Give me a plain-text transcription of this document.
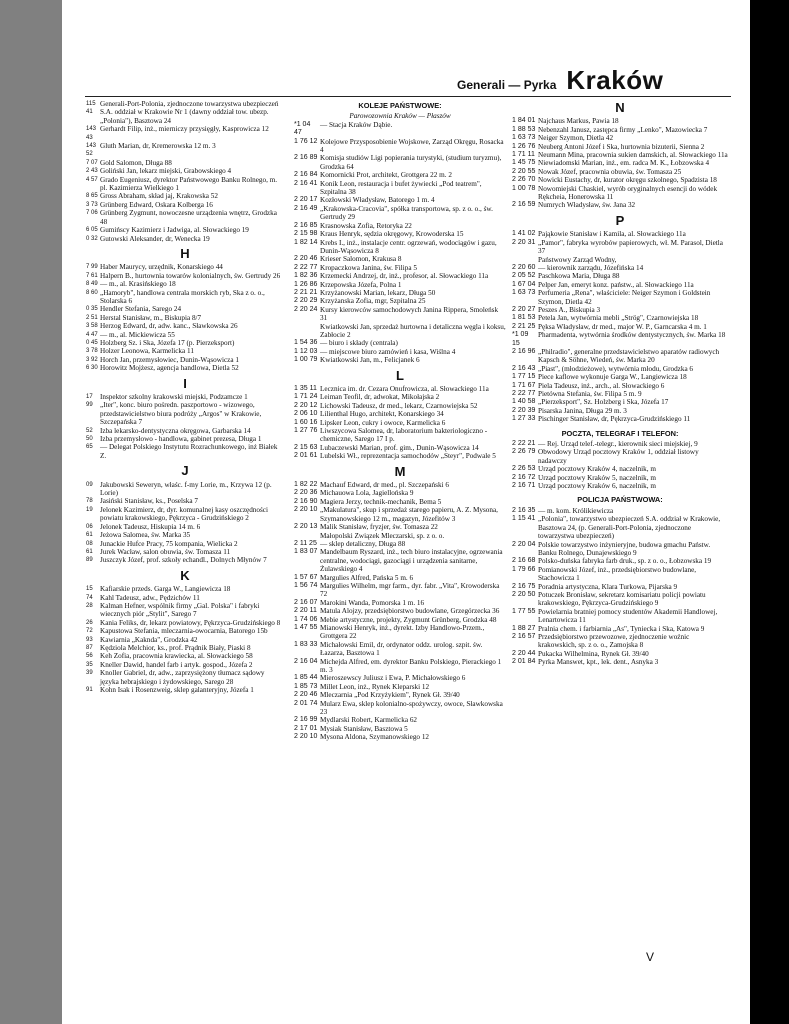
Generali — Pyrka Kraków
115 41
Generali-Port-Polonia, zjednoczone towarzystwa ubezpieczeń S.A. oddział w Krakowie Nr 1 (dawny oddział tow. ubezp. „Polonia"), Basztowa 24
143 43
Gerhardt Filip, inż., mierniczy przysięgły, Kasprowicza 12
143 52
Gluth Marian, dr, Kremerowska 12 m. 3
7 07 Gold Salomon, Długa 88
2 43 Goliński Jan, lekarz miejski, Grabowskiego 4
4 57 Grado Eugeniusz, dyrektor Państwowego Banku Rolnego, m. pl. Kazimierza Wielkiego 1
8 65 Gross Abraham, skład jaj, Krakowska 52
3 73 Grünberg Edward, Oskara Kolberga 16
7 06 Grünberg Zygmunt, nowoczesne urządzenia wnętrz, Grodzka 48
6 05 Gumińscy Kazimierz i Jadwiga, al. Słowackiego 19
0 32 Gutowski Aleksander, dr, Wenecka 19
H
7 99 Haber Maurycy, urzędnik, Konarskiego 44
7 61 Halpern B., hurtownia towarów kolonialnych, św. Gertrudy 26
8 49 — m., al. Krasińskiego 18
8 60 „Hamoryb", handlowa centrala morskich ryb, Ska z o. o., Stolarska 6
0 35 Hendler Stefania, Sarego 24
2 51 Herstal Stanisław, m., Biskupia 8/7
3 58 Herzog Edward, dr, adw. kanc., Sławkowska 26
4 47 — m., al. Mickiewicza 55
0 45 Holzberg Sz. i Ska, Józefa 17 (p. Pierzeksport)
3 78 Holzer Leonowa, Karmelicka 11
3 92 Horch Jan, przemysłowiec, Dunin-Wąsowicza 1
6 30 Horowitz Mojżesz, agencja handlowa, Dietla 52
I
17	Inspektor szkolny krakowski miejski, Podzamcze 1
99	„Iter", konc. biuro pośredn. paszportowo - wizowego, przedstawicielstwo biura podróży „Argos" w Krakowie, Szczepańska 7
52	Izba lekarsko-dentystyczna okręgowa, Garbarska 14
50	Izba przemysłowo - handlowa, gabinet prezesa, Długa 1
65	— Delegat Polskiego Instytutu Rozrachunkowego, inż Białek Z.
J
09	Jakubowski Seweryn, właśc. f-my Lorie, m., Krzywa 12 (p. Lorie)
78	Jasiński Stanisław, ks., Poselska 7
19	Jelonek Kazimierz, dr, dyr. komunalnej kasy oszczędności powiatu krakowskiego, Pękrzyca - Grudzińskiego 2
06	Jelonek Tadeusz, Hiskupia 14 m. 6
61	Jeżowa Salomea, św. Marka 35
08	Junackie Hufce Pracy, 75 kompania, Wielicka 2
61	Jurek Wacław, salon obuwia, św. Tomasza 11
89	Juszczyk Józef, prof. szkoły echandl., Dolnych Młynów 7
K
15	Kafiarskie przeds. Garga W., Langiewicza 18
74	Kahl Tadeusz, adw., Pędzichów 11
28	Kalman Hefner, wspólnik firmy „Gal. Polska" i fabryki wiecznych piór „Stylit", Sarego 7
26	Kania Feliks, dr, lekarz powiatowy, Pękrzyca-Grudzińskiego 8
72	Kapustowa Stefania, mleczarnia-owocarnia, Batorego 15b
93	Kawiarnia „Kaknda", Grodzka 42
87	Kędziola Melchior, ks., prof. Prądnik Biały, Piaski 8
56	Keh Zofia, pracownia krawiecka, al. Słowackiego 58
35	Kneller Dawid, handel farb i artyk. gospod., Józefa 2
39	Knoller Gabriel, dr, adw., zaprzysiężony tłumacz sądowy języka hebrajskiego i żydowskiego, Sarego 28
91	Kohn Isak i Rosenzweig, sklep galanteryjny, Józefa 1
KOLEJE PAŃSTWOWE:
Parowozownia Kraków — Płaszów
*1 04 47
— Stacja Kraków Dąbie.
1 76 12 Kolejowe Przysposobienie Wojskowe, Zarząd Okręgu, Rosacka 4
2 16 89 Komisja studiów Ligi popierania turystyki, (studium turyzmu), Grodzka 64
2 16 84 Komornicki Prot, architekt, Grottgera 22 m. 2
2 16 41 Konik Leon, restauracja i bufet żywiecki „Pod teatrem", Szpitalna 38
2 20 17 Kozłowski Władysław, Batorego 1 m. 4
2 16 49 „Krakowska-Cracovia", spółka transportowa, sp. z o. o., św. Gertrudy 29
2 16 85 Krasnowska Zofia, Retoryka 22
2 15 98 Kraus Henryk, sędzia okręgowy, Krowoderska 15
1 82 14 Krebs I., inż., instalacje centr. ogrzewań, wodociągów i gazu, Dunin-Wąsowicza 8
2 20 46 Krieser Salomon, Krakusa 8
2 22 77 Kropaczkowa Janina, św. Filipa 5
1 82 36 Krzemecki Andrzej, dr, inż., profesor, al. Słowackiego 11a
1 26 86 Krzepowska Józefa, Polna 1
2 21 21 Krzyżanowski Marian, lekarz, Długa 50
2 20 29 Krzyżanska Zofia, mgr, Szpitalna 25
2 20 24 Kursy kierowców samochodowych Janina Rippera, Smoleńsk 31
Kwiatkowski Jan, sprzedaż hurtowna i detaliczna węgla i koksu, Zabłocie 2
1 54 36 — biuro i składy (centrala)
1 12 03 — miejscowe biuro zamówień i kasa, Wiślna 4
1 00 79 Kwiatkowski Jan, m., Felicjanek 6
L
1 35 11 Lecznica im. dr. Cezara Onufrowicza, al. Słowackiego 11a
1 71 24 Leiman Teofil, dr, adwokat, Mikołajska 2
2 20 12 Lichowski Tadeusz, dr med., lekarz, Czarnowiejska 52
2 06 10 Lilienthal Hugo, architekt, Konarskiego 34
1 60 16 Lipsker Leon, cukry i owoce, Karmelicka 6
1 27 76 Liwszycowa Salomea, dr, laboratorium bakteriologiczno - chemiczne, Sarego 17 I p.
2 15 63 Lubaczewski Marian, prof. gim., Dunin-Wąsowicza 14
2 01 61 Lubelski Wł., reprezentacja samochodów „Steyr", Podwale 5
M
1 82 22 Machauf Edward, dr med., pl. Szczepański 6
2 20 36 Michauowa Lola, Jagiellońska 9
2 16 90 Magiera Jerzy, technik-mechanik, Bema 5
2 20 10 „Makulatura", skup i sprzedaż starego papieru, A. Z. Mysona, Szymanowskiego 12 m., magazyn, Józefitów 3
2 20 13 Malik Stanisław, fryzjer, św. Tomasza 22
Małopolski Związek Mleczarski, sp. z o. o.
2 11 25 — sklep detaliczny, Długa 88
1 83 07 Mandelbaum Ryszard, inż., tech biuro instalacyjne, ogrzewania centralne, wodociągi, gazociągi i urządzenia sanitarne, Żulawskiego 4
1 57 67 Margulies Alfred, Pańska 5 m. 6
1 56 74 Margulies Wilhelm, mgr farm., dyr. fabr. „Vita", Krowoderska 72
2 16 07 Marokini Wanda, Pomorska 1 m. 16
2 20 11 Matula Alojzy, przedsiębiorstwo budowlane, Grzegórzecka 36
1 74 06 Mebie artystyczne, projekty, Zygmunt Grünberg, Grodzka 48
1 47 55 Mianowski Henryk, inż., dyrekt. Izby Handlowo-Przem., Grottgera 22
1 83 33 Michałowski Emil, dr, ordynator oddz. urolog. szpit. św. Łazarza, Basztowa 1
2 16 04 Michejda Alfred, em. dyrektor Banku Polskiego, Pierackiego 1 m. 3
1 85 44 Mieroszewscy Juliusz i Ewa, P. Michałowskiego 6
1 85 73 Millet Leon, inż., Rynek Kleparski 12
2 20 46 Mleczarnia „Pod Krzyżykiem", Rynek Gł. 39/40
2 01 74 Mularz Ewa, sklep kolonialno-spożywczy, owoce, Sławkowska 23
2 16 99 Mydlarski Robert, Karmelicka 62
2 17 01 Mysiak Stanisław, Basztowa 5
2 20 10 Mysona Aldona, Szymanowskiego 12
N
1 84 01 Najchaus Markus, Pawia 18
1 88 53 Nebenzahl Janusz, zastępca firmy „Lenko", Mazowiecka 7
1 63 73 Neiger Szymon, Dietla 42
1 26 76 Neuberg Antoni Józef i Ska, hurtownia bizuterii, Sienna 2
1 71 11 Neumann Mina, pracownia sukien damskich, al. Słowackiego 11a
1 45 75 Niewiadomski Marian, inż., em. radca M. K., Łobzowska 4
2 20 55 Nowak Józef, pracownia obuwia, św. Tomasza 25
2 26 70 Nowicki Eustachy, dr, kurator okręgu szkolnego, Spadzista 18
1 00 78 Nowomiejski Chaskiel, wyrób oryginalnych esencji do wódek Rękcheia, Honerowska 11
2 16 59 Numrych Władysław, św. Jana 32
P
1 41 02 Pająkowie Stanisław i Kamila, al. Słowackiego 11a
2 20 31 „Pamor", fabryka wyrobów papierowych, wł. M. Parasol, Dietla 37
Państwowy Zarząd Wodny,
2 20 60 — kierownik zarządu, Józefińska 14
2 05 52 Paschkowa Maria, Długa 88
1 67 04 Pelper Jan, emeryt konz. państw., al. Słowackiego 11a
1 63 73 Perfumeria „Rena", właściciele: Neiger Szymon i Goldstein Szymon, Dietla 42
2 20 27 Peszes A., Biskupia 3
1 81 53 Petela Jan, wytwórnia mebli „Strög", Czarnowiejska 18
2 21 25 Pęksa Władysław, dr med., major W. P., Garncarska 4 m. 1
*1 09 15
Pharmadenta, wytwórnia środków dentystycznych, św. Marka 18
2 16 96 „Philradio", generalne przedstawicielstwo aparatów radiowych Kapsch & Söhne, Wiedeń, św. Marka 20
2 16 43 „Piast", (młodzieżowe), wytwórnia młodu, Grodzka 6
1 77 15 Piece kaflowe wykonuje Garga W., Langiewicza 18
1 71 67 Piela Tadeusz, inż., arch., al. Słowackiego 6
2 22 77 Pietówna Stefania, św. Filipa 5 m. 9
1 40 58 „Pierzeksport", Sz. Holzberg i Ska, Józefa 17
2 20 39 Pisarska Janina, Długa 29 m. 3
1 27 33 Pischinger Stanisław, dr, Pękrzyca-Grudzińskiego 11
POCZTA, TELEGRAF I TELEFON:
2 22 21 — Rej. Urząd telef.-telegr., kierownik sieci miejskiej, 9
2 26 79 Obwodowy Urząd pocztowy Kraków 1, oddział listowy nadawczy
2 26 53 Urząd pocztowy Kraków 4, naczelnik, m
2 16 72 Urząd pocztowy Kraków 5, naczelnik, m
2 16 71 Urząd pocztowy Kraków 6, naczelnik, m
POLICJA PAŃSTWOWA:
2 16 35 — m. kom. Królikiewicza
1 15 41 „Polonia", towarzystwo ubezpieczeń S.A. oddział w Krakowie, Basztowa 24, (p. Generali-Port-Polonia, zjednoczone towarzystwa ubezpieczeń)
2 20 04 Polskie towarzystwo inżynieryjne, budowa gmachu Państw. Banku Rolnego, Dunajewskiego 9
2 16 68 Polsko-duńska fabryka farb druk., sp. z o. o., Łobzowska 19
1 79 66 Pomianowski Józef, inż., przedsiębiorstwo budowlane, Stachowicza 1
2 16 75 Poradnia artystyczna, Klara Turkowa, Pijarska 9
2 20 50 Potuczek Bronisław, sekretarz komisariatu policji powiatu krakowskiego, Pękrzyca-Grudzińskiego 9
1 77 55 Powielarnia bratniej pomocy studentów Akademii Handlowej, Lenartowicza 11
1 88 27 Pralnia chem. i farbiarnia „As", Tyniecka i Ska, Katowa 9
2 16 57 Przedsiębiorstwo przewozowe, zjednoczenie woźnic krakowskich, sp. z o. o., Zamojska 8
2 20 44 Pukacka Wilhelmina, Rynek Gł. 39/40
2 01 84 Pyrka Manswet, kpt., lek. dent., Asnyka 3
V
